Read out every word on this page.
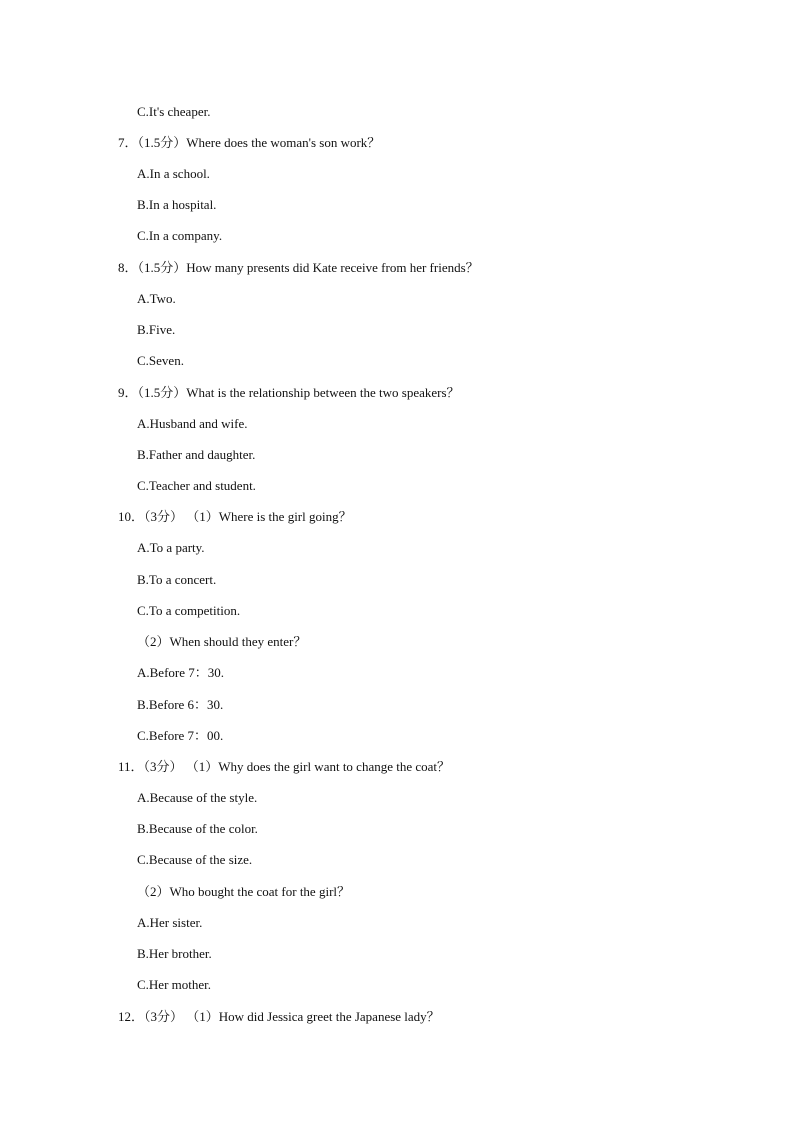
C.It's cheaper.
7．（1.5分）Where does the woman's son work？
A.In a school.
B.In a hospital.
C.In a company.
8．（1.5分）How many presents did Kate receive from her friends？
A.Two.
B.Five.
C.Seven.
9．（1.5分）What is the relationship between the two speakers？
A.Husband and wife.
B.Father and daughter.
C.Teacher and student.
10．（3分） （1）Where is the girl going？
A.To a party.
B.To a concert.
C.To a competition.
（2）When should they enter？
A.Before 7：30.
B.Before 6：30.
C.Before 7：00.
11．（3分） （1）Why does the girl want to change the coat？
A.Because of the style.
B.Because of the color.
C.Because of the size.
（2）Who bought the coat for the girl？
A.Her sister.
B.Her brother.
C.Her mother.
12．（3分） （1）How did Jessica greet the Japanese lady？
